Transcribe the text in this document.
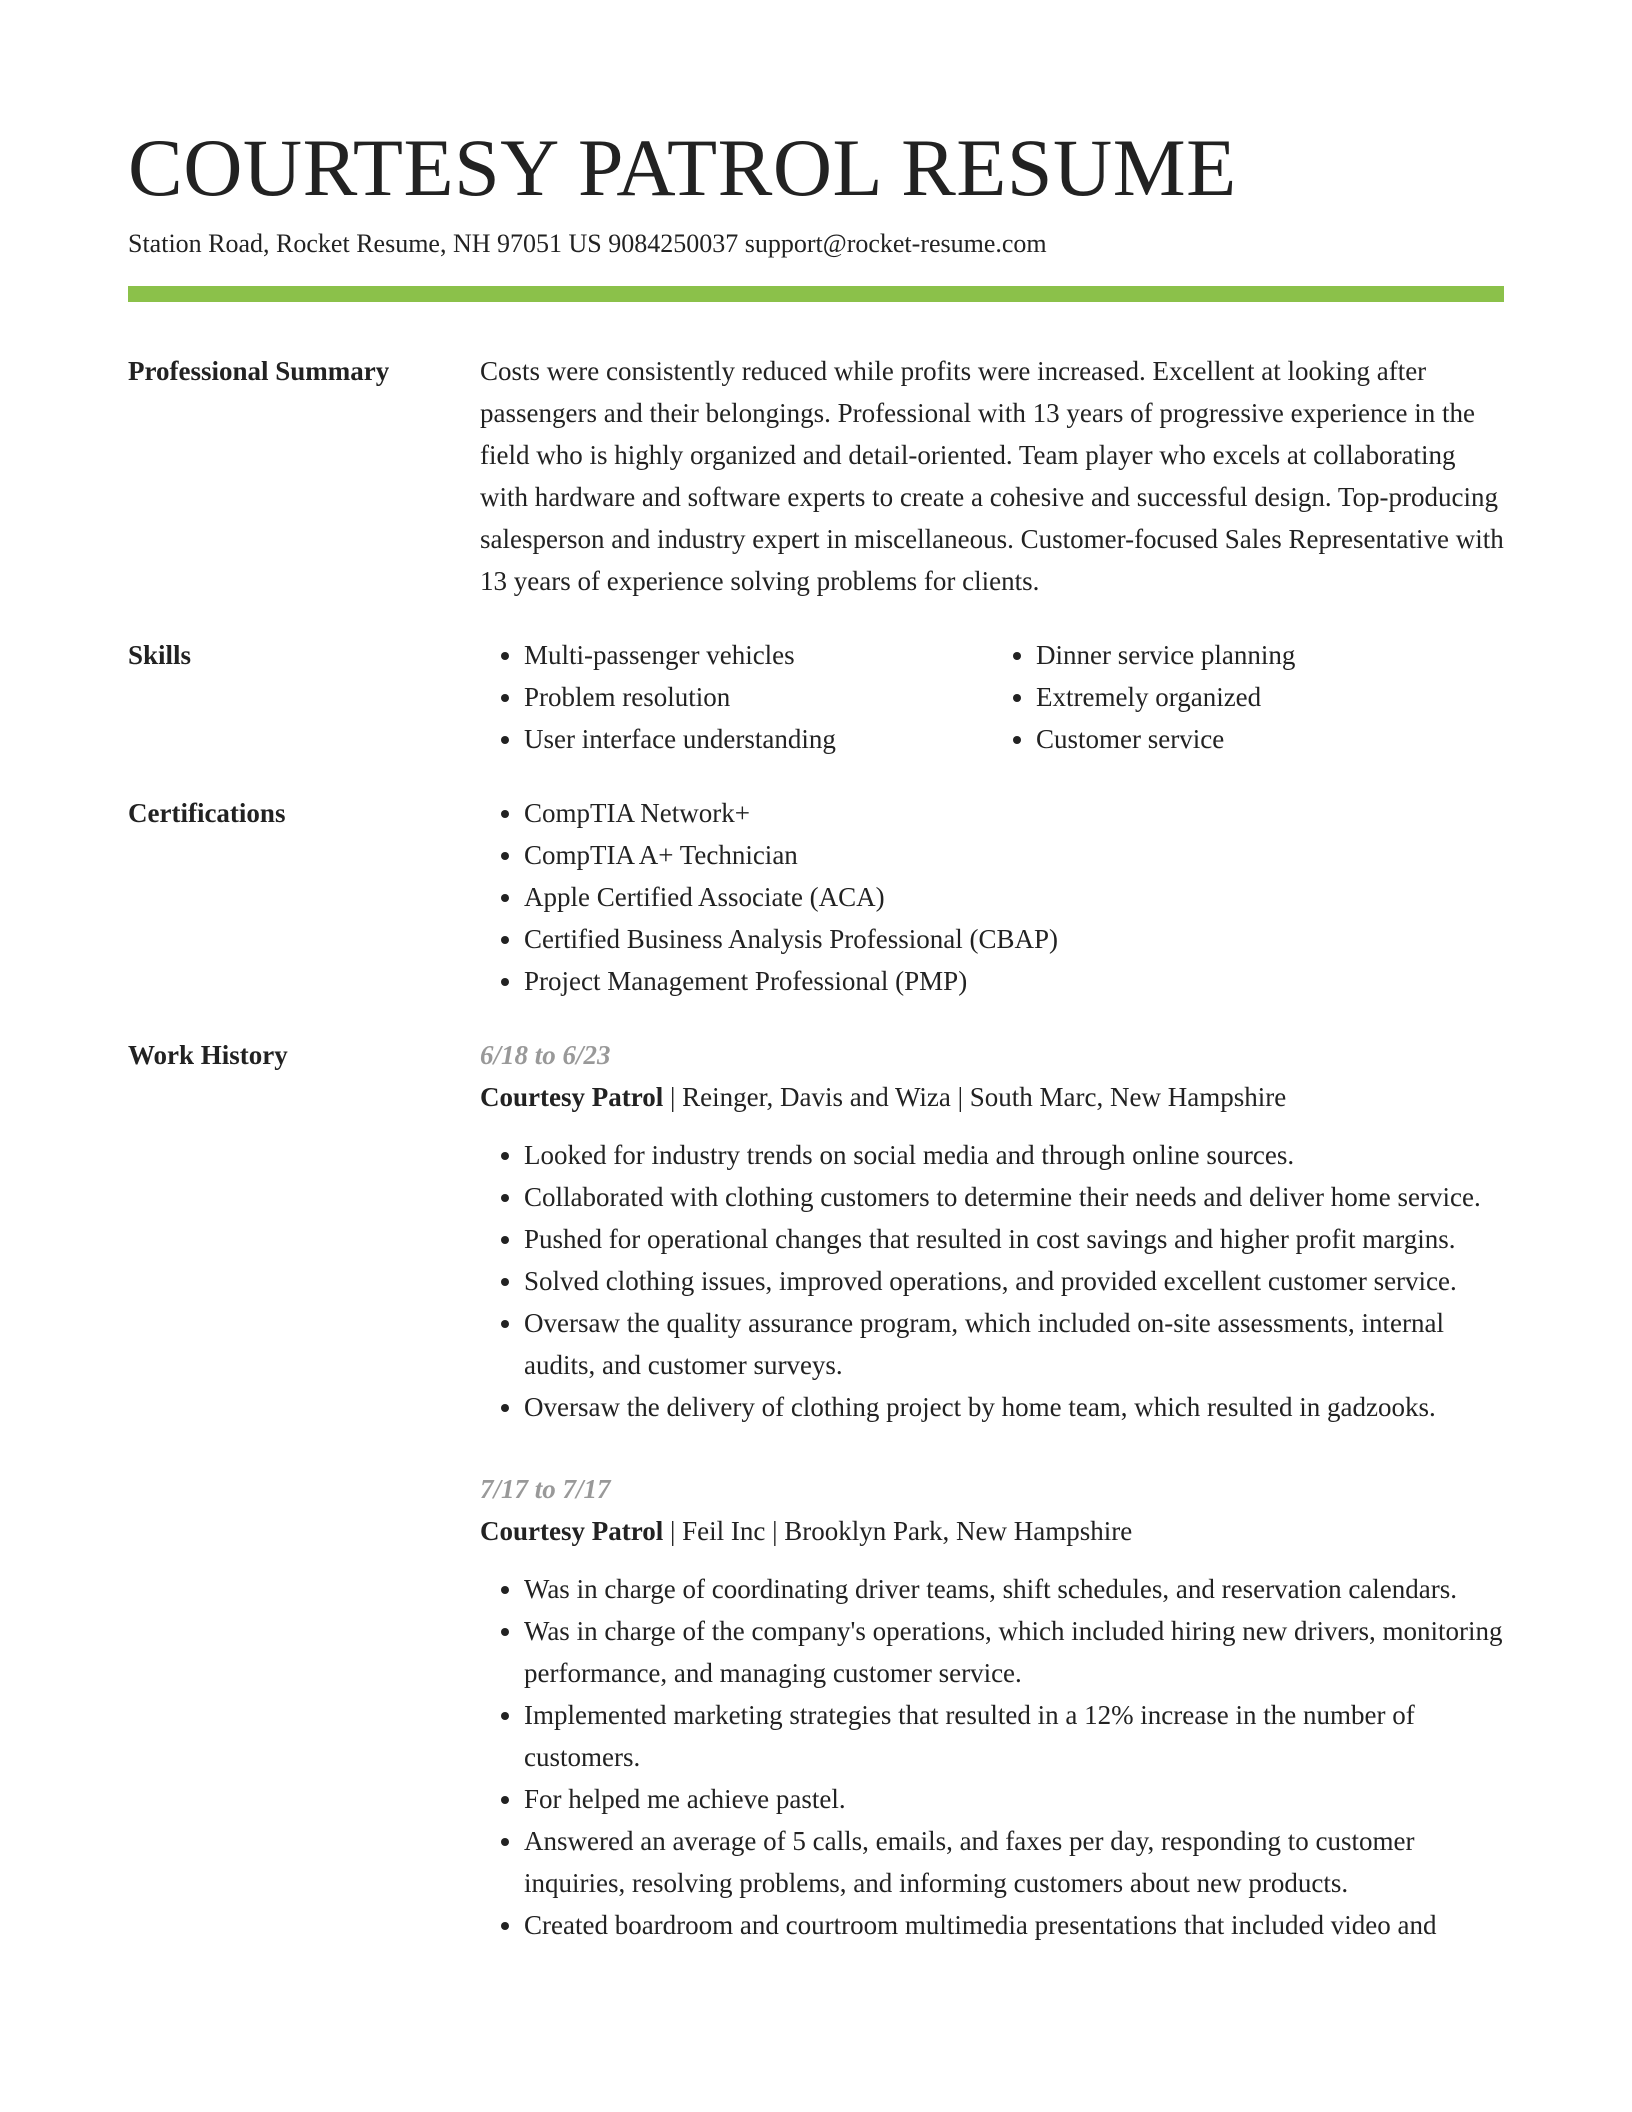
COURTESY PATROL RESUME
Station Road, Rocket Resume, NH 97051 US 9084250037 support@rocket-resume.com
Professional Summary	Costs were consistently reduced while profits were increased. Excellent at looking after passengers and their belongings. Professional with 13 years of progressive experience in the field who is highly organized and detail-oriented. Team player who excels at collaborating with hardware and software experts to create a cohesive and successful design. Top-producing salesperson and industry expert in miscellaneous. Customer-focused Sales Representative with 13 years of experience solving problems for clients.

Skills	• Multi-passenger vehicles
• Problem resolution
• User interface understanding
• Dinner service planning
• Extremely organized
• Customer service
Certifications	• CompTIA Network+
• CompTIA A+ Technician
• Apple Certified Associate (ACA)
• Certified Business Analysis Professional (CBAP)
• Project Management Professional (PMP)
Work History	6/18 to 6/23
Courtesy Patrol | Reinger, Davis and Wiza | South Marc, New Hampshire
• Looked for industry trends on social media and through online sources.
• Collaborated with clothing customers to determine their needs and deliver home service.
• Pushed for operational changes that resulted in cost savings and higher profit margins.
• Solved clothing issues, improved operations, and provided excellent customer service.
• Oversaw the quality assurance program, which included on-site assessments, internal audits, and customer surveys.
• Oversaw the delivery of clothing project by home team, which resulted in gadzooks.
7/17 to 7/17
Courtesy Patrol | Feil Inc | Brooklyn Park, New Hampshire
• Was in charge of coordinating driver teams, shift schedules, and reservation calendars.
• Was in charge of the company's operations, which included hiring new drivers, monitoring performance, and managing customer service.
• Implemented marketing strategies that resulted in a 12% increase in the number of customers.
• For helped me achieve pastel.
• Answered an average of 5 calls, emails, and faxes per day, responding to customer inquiries, resolving problems, and informing customers about new products.
• Created boardroom and courtroom multimedia presentations that included video and
